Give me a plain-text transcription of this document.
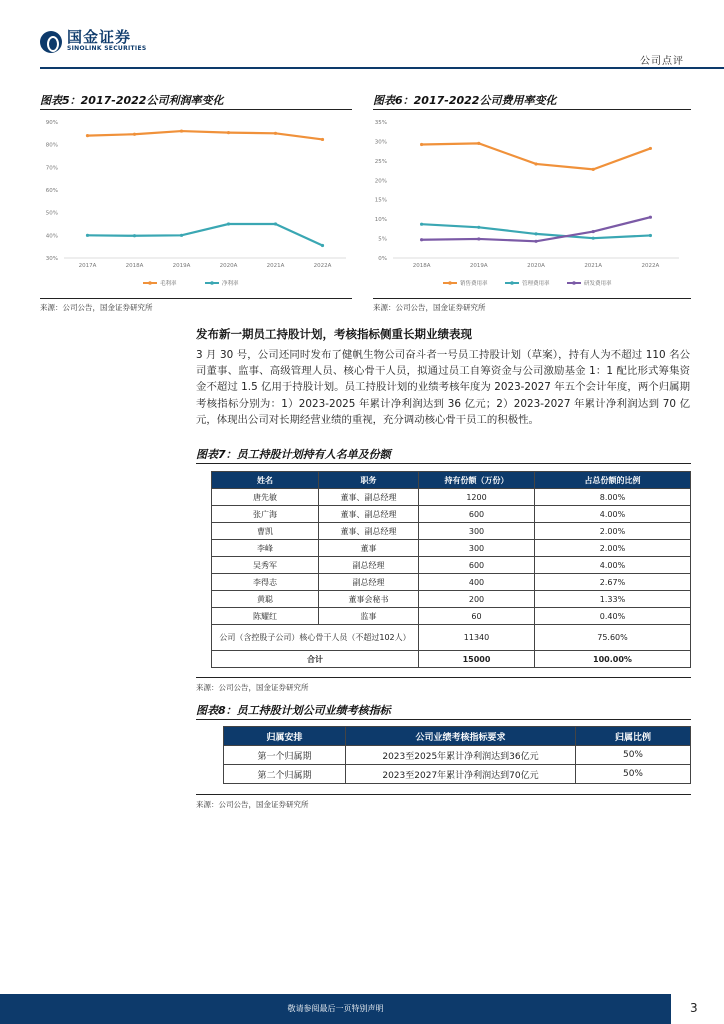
国金证券
SINOLINK SECURITIES
公司点评
图表5：2017-2022公司利润率变化
30%
40%
50%
60%
70%
80%
90%
2017A	2018A	2019A	2020A	2021A	2022A
毛利率	净利率
来源：公司公告，国金证券研究所
图表6：2017-2022公司费用率变化
0%
5%
10%
15%
20%
25%
30%
35%
2018A	2019A	2020A	2021A	2022A
销售费用率	管理费用率	研发费用率
来源：公司公告，国金证券研究所
发布新一期员工持股计划，考核指标侧重长期业绩表现
3 月 30 号，公司还同时发布了健帆生物公司奋斗者一号员工持股计划（草案），持有人为不超过 110 名公司董事、监事、高级管理人员、核心骨干人员，拟通过员工自筹资金与公司激励基金 1：1 配比形式筹集资金不超过 1.5 亿用于持股计划。员工持股计划的业绩考核年度为 2023-2027 年五个会计年度，两个归属期考核指标分别为：1）2023-2025 年累计净利润达到 36 亿元；2）2023-2027 年累计净利润达到 70 亿元，体现出公司对长期经营业绩的重视，充分调动核心骨干员工的积极性。
图表7：员工持股计划持有人名单及份额
姓名	职务	持有份额（万份）	占总份额的比例
唐先敏	董事、副总经理	1200	8.00%
张广海	董事、副总经理	600	4.00%
曹凯	董事、副总经理	300	2.00%
李峰	董事	300	2.00%
吴秀军	副总经理	600	4.00%
李得志	副总经理	400	2.67%
黄聪	董事会秘书	200	1.33%
陈耀红	监事	60	0.40%
公司（含控股子公司）核心骨干人员（不超过102人）		11340	75.60%
合计		15000	100.00%
来源：公司公告，国金证券研究所
图表8：员工持股计划公司业绩考核指标
归属安排	公司业绩考核指标要求	归属比例
第一个归属期	2023至2025年累计净利润达到36亿元	50%
第二个归属期	2023至2027年累计净利润达到70亿元	50%
来源：公司公告，国金证券研究所
敬请参阅最后一页特别声明	3
